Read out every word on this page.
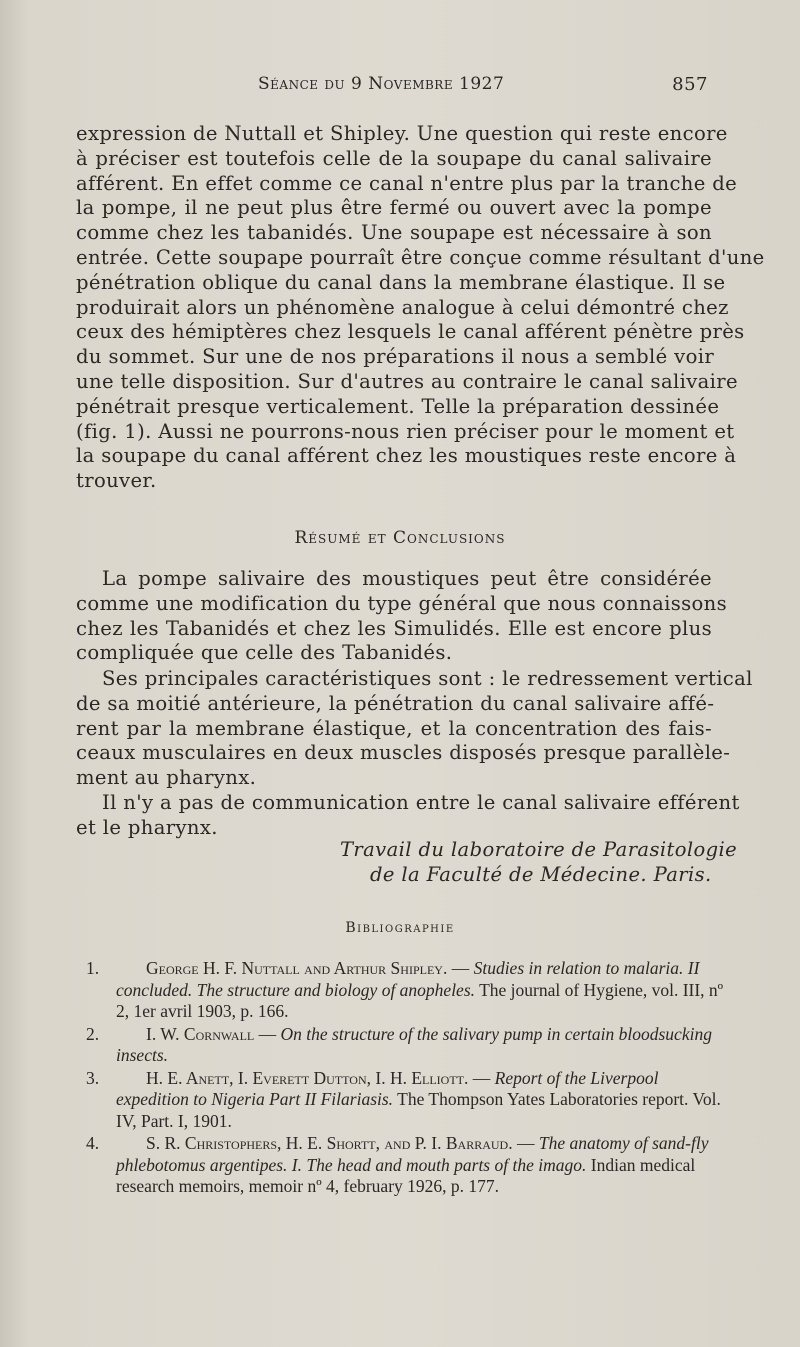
Séance du 9 Novembre 1927	857
expression de Nuttall et Shipley. Une question qui reste encore
à préciser est toutefois celle de la soupape du canal salivaire
afférent. En effet comme ce canal n'entre plus par la tranche de
la pompe, il ne peut plus être fermé ou ouvert avec la pompe
comme chez les tabanidés. Une soupape est nécessaire à son
entrée. Cette soupape pourraît être conçue comme résultant d'une
pénétration oblique du canal dans la membrane élastique. Il se
produirait alors un phénomène analogue à celui démontré chez
ceux des hémiptères chez lesquels le canal afférent pénètre près
du sommet. Sur une de nos préparations il nous a semblé voir
une telle disposition. Sur d'autres au contraire le canal salivaire
pénétrait presque verticalement. Telle la préparation dessinée
(fig. 1). Aussi ne pourrons-nous rien préciser pour le moment et
la soupape du canal afférent chez les moustiques reste encore à
trouver.
Résumé et Conclusions
La pompe salivaire des moustiques peut être considérée
comme une modification du type général que nous connaissons
chez les Tabanidés et chez les Simulidés. Elle est encore plus
compliquée que celle des Tabanidés.
Ses principales caractéristiques sont : le redressement vertical
de sa moitié antérieure, la pénétration du canal salivaire affé-
rent par la membrane élastique, et la concentration des fais-
ceaux musculaires en deux muscles disposés presque parallèle-
ment au pharynx.
Il n'y a pas de communication entre le canal salivaire efférent
et le pharynx.
Travail du laboratoire de Parasitologie
de la Faculté de Médecine. Paris.
Bibliographie
1.	George H. F. Nuttall and Arthur Shipley. — Studies in relation to malaria. II concluded. The structure and biology of anopheles. The journal of Hygiene, vol. III, nº 2, 1er avril 1903, p. 166.
2.	I. W. Cornwall — On the structure of the salivary pump in certain bloodsucking insects.
3.	H. E. Anett, I. Everett Dutton, I. H. Elliott. — Report of the Liverpool expedition to Nigeria Part II Filariasis. The Thompson Yates Laboratories report. Vol. IV, Part. I, 1901.
4.	S. R. Christophers, H. E. Shortt, and P. I. Barraud. — The anatomy of sand-fly phlebotomus argentipes. I. The head and mouth parts of the imago. Indian medical research memoirs, memoir nº 4, february 1926, p. 177.
